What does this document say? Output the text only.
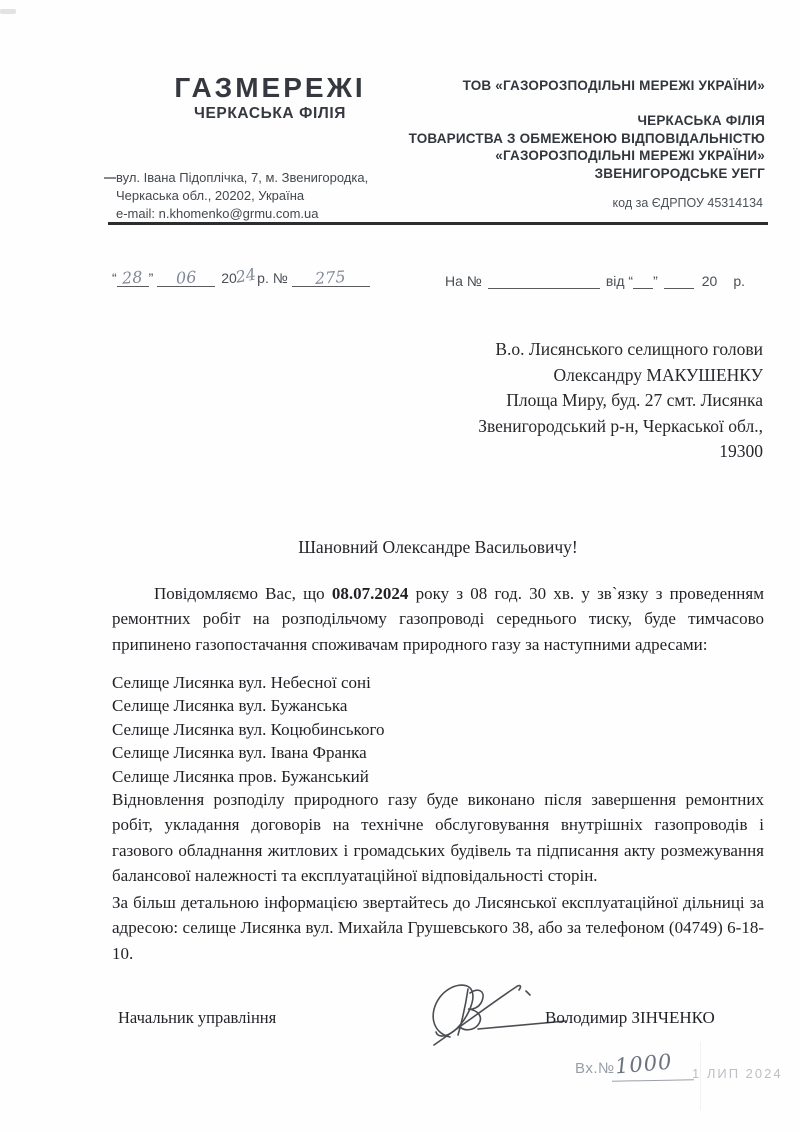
ГАЗМЕРЕЖІ
ЧЕРКАСЬКА ФІЛІЯ
ТОВ «ГАЗОРОЗПОДІЛЬНІ МЕРЕЖІ УКРАЇНИ»
ЧЕРКАСЬКА ФІЛІЯ
ТОВАРИСТВА З ОБМЕЖЕНОЮ ВІДПОВІДАЛЬНІСТЮ
«ГАЗОРОЗПОДІЛЬНІ МЕРЕЖІ УКРАЇНИ»
ЗВЕНИГОРОДСЬКЕ УЕГГ
код за ЄДРПОУ 45314134
вул. Івана Підоплічка, 7, м. Звенигородка,
Черкаська обл., 20202, Україна
e-mail: n.khomenko@grmu.com.ua
“ 28 ” 06 2024р. № 275	На №	від “ ”	20 р.
В.о. Лисянського селищного голови
Олександру МАКУШЕНКУ
Площа Миру, буд. 27 смт. Лисянка
Звенигородський р-н, Черкаської обл.,
19300
Шановний Олександре Васильовичу!

Повідомляємо Вас, що 08.07.2024 року з 08 год. 30 хв. у зв`язку з проведенням ремонтних робіт на розподільчому газопроводі середнього тиску, буде тимчасово припинено газопостачання споживачам природного газу за наступними адресами:

Селище Лисянка вул. Небесної соні
Селище Лисянка вул. Бужанська
Селище Лисянка вул. Коцюбинського
Селище Лисянка вул. Івана Франка
Селище Лисянка пров. Бужанський

Відновлення розподілу природного газу буде виконано після завершення ремонтних робіт, укладання договорів на технічне обслуговування внутрішніх газопроводів і газового обладнання житлових і громадських будівель та підписання акту розмежування балансової належності та експлуатаційної відповідальності сторін.

За більш детальною інформацією звертайтесь до Лисянської експлуатаційної дільниці за адресою: селище Лисянка вул. Михайла Грушевського 38, або за телефоном (04749) 6-18-10.

Начальник управління	Володимир ЗІНЧЕНКО
Вх.№ 1000 1 ЛИП 2024
